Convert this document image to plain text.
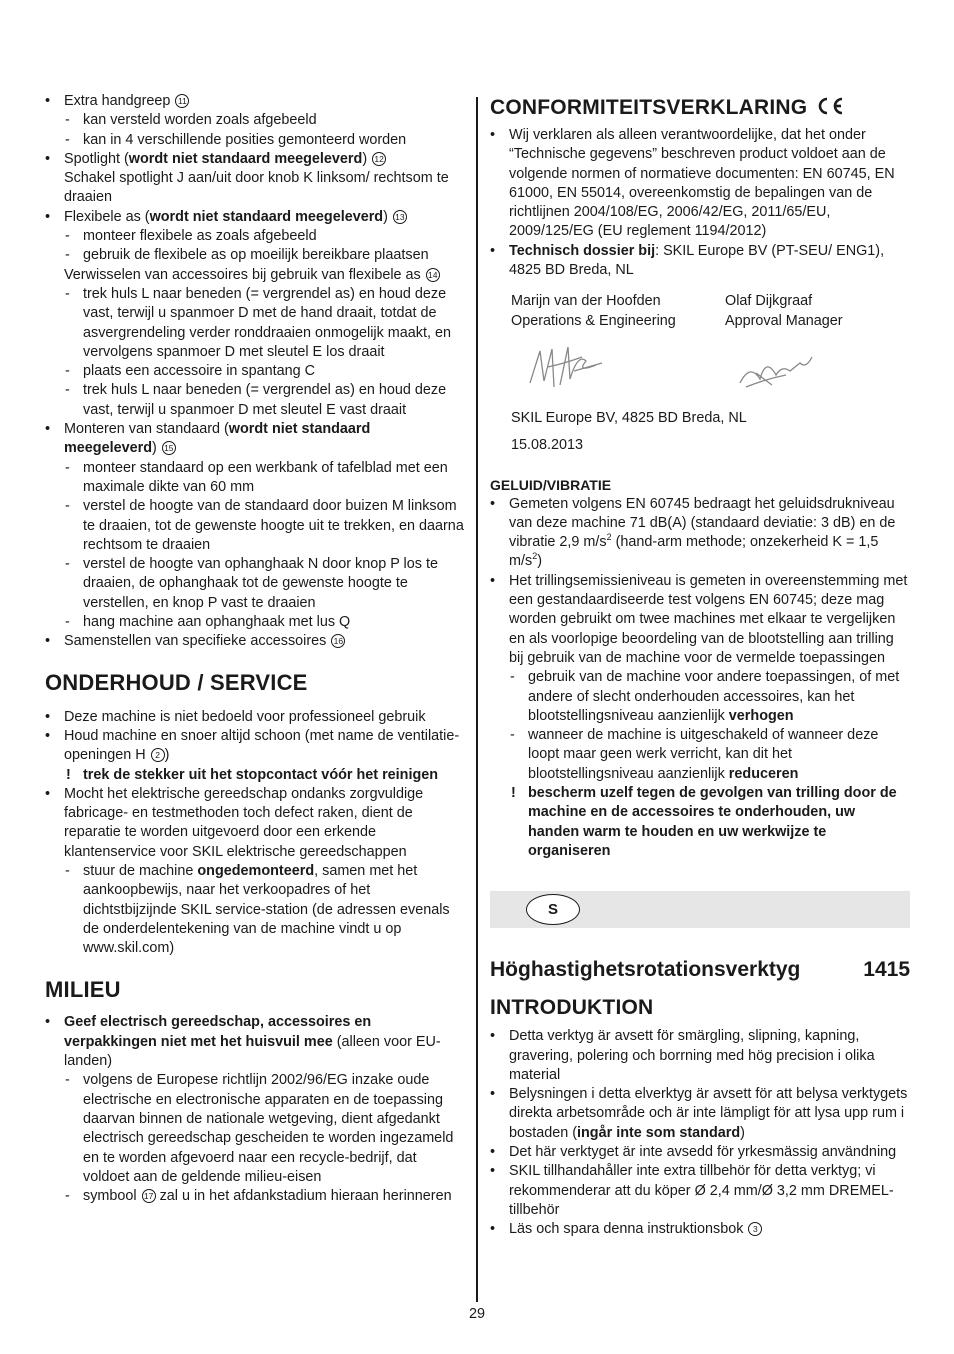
• Extra handgreep 11
- kan versteld worden zoals afgebeeld
- kan in 4 verschillende posities gemonteerd worden
• Spotlight (wordt niet standaard meegeleverd) 12
Schakel spotlight J aan/uit door knob K linksom/ rechtsom te draaien
• Flexibele as (wordt niet standaard meegeleverd) 13
- monteer flexibele as zoals afgebeeld
- gebruik de flexibele as op moeilijk bereikbare plaatsen
Verwisselen van accessoires bij gebruik van flexibele as 14
- trek huls L naar beneden (= vergrendel as) en houd deze vast, terwijl u spanmoer D met de hand draait, totdat de asvergrendeling verder ronddraaien onmogelijk maakt, en vervolgens spanmoer D met sleutel E los draait
- plaats een accessoire in spantang C
- trek huls L naar beneden (= vergrendel as) en houd deze vast, terwijl u spanmoer D met sleutel E vast draait
• Monteren van standaard (wordt niet standaard meegeleverd) 15
- monteer standaard op een werkbank of tafelblad met een maximale dikte van 60 mm
- verstel de hoogte van de standaard door buizen M linksom te draaien, tot de gewenste hoogte uit te trekken, en daarna rechtsom te draaien
- verstel de hoogte van ophanghaak N door knop P los te draaien, de ophanghaak tot de gewenste hoogte te verstellen, en knop P vast te draaien
- hang machine aan ophanghaak met lus Q
• Samenstellen van specifieke accessoires 16
ONDERHOUD / SERVICE
• Deze machine is niet bedoeld voor professioneel gebruik
• Houd machine en snoer altijd schoon (met name de ventilatie-openingen H 2 )
! trek de stekker uit het stopcontact vóór het reinigen
• Mocht het elektrische gereedschap ondanks zorgvuldige fabricage- en testmethoden toch defect raken, dient de reparatie te worden uitgevoerd door een erkende klantenservice voor SKIL elektrische gereedschappen
- stuur de machine ongedemonteerd, samen met het aankoopbewijs, naar het verkoopadres of het dichtstbijzijnde SKIL service-station (de adressen evenals de onderdelentekening van de machine vindt u op www.skil.com)
MILIEU
• Geef electrisch gereedschap, accessoires en verpakkingen niet met het huisvuil mee (alleen voor EU-landen)
- volgens de Europese richtlijn 2002/96/EG inzake oude electrische en electronische apparaten en de toepassing daarvan binnen de nationale wetgeving, dient afgedankt electrisch gereedschap gescheiden te worden ingezameld en te worden afgevoerd naar een recycle-bedrijf, dat voldoet aan de geldende milieu-eisen
- symbool 17 zal u in het afdankstadium hieraan herinneren
CONFORMITEITSVERKLARING
• Wij verklaren als alleen verantwoordelijke, dat het onder “Technische gegevens” beschreven product voldoet aan de volgende normen of normatieve documenten: EN 60745, EN 61000, EN 55014, overeenkomstig de bepalingen van de richtlijnen 2004/108/EG, 2006/42/EG, 2011/65/EU, 2009/125/EG (EU reglement 1194/2012)
• Technisch dossier bij: SKIL Europe BV (PT-SEU/ ENG1), 4825 BD Breda, NL
Marijn van der Hoofden
Operations & Engineering
Olaf Dijkgraaf
Approval Manager
SKIL Europe BV, 4825 BD Breda, NL
15.08.2013
GELUID/VIBRATIE
• Gemeten volgens EN 60745 bedraagt het geluidsdrukniveau van deze machine 71 dB(A) (standaard deviatie: 3 dB) en de vibratie 2,9 $m/s^2$ (hand-arm methode; onzekerheid K = 1,5 $m/s^2$)
• Het trillingsemissieniveau is gemeten in overeenstemming met een gestandaardiseerde test volgens EN 60745; deze mag worden gebruikt om twee machines met elkaar te vergelijken en als voorlopige beoordeling van de blootstelling aan trilling bij gebruik van de machine voor de vermelde toepassingen
- gebruik van de machine voor andere toepassingen, of met andere of slecht onderhouden accessoires, kan het blootstellingsniveau aanzienlijk verhogen
- wanneer de machine is uitgeschakeld of wanneer deze loopt maar geen werk verricht, kan dit het blootstellingsniveau aanzienlijk reduceren
! bescherm uzelf tegen de gevolgen van trilling door de machine en de accessoires te onderhouden, uw handen warm te houden en uw werkwijze te organiseren
S
Höghastighetsrotationsverktyg	1415
INTRODUKTION
• Detta verktyg är avsett för smärgling, slipning, kapning, gravering, polering och borrning med hög precision i olika material
• Belysningen i detta elverktyg är avsett för att belysa verktygets direkta arbetsområde och är inte lämpligt för att lysa upp rum i bostaden (ingår inte som standard)
• Det här verktyget är inte avsedd för yrkesmässig användning
• SKIL tillhandahåller inte extra tillbehör för detta verktyg; vi rekommenderar att du köper Ø 2,4 mm/Ø 3,2 mm DREMEL-tillbehör
• Läs och spara denna instruktionsbok 3
29
